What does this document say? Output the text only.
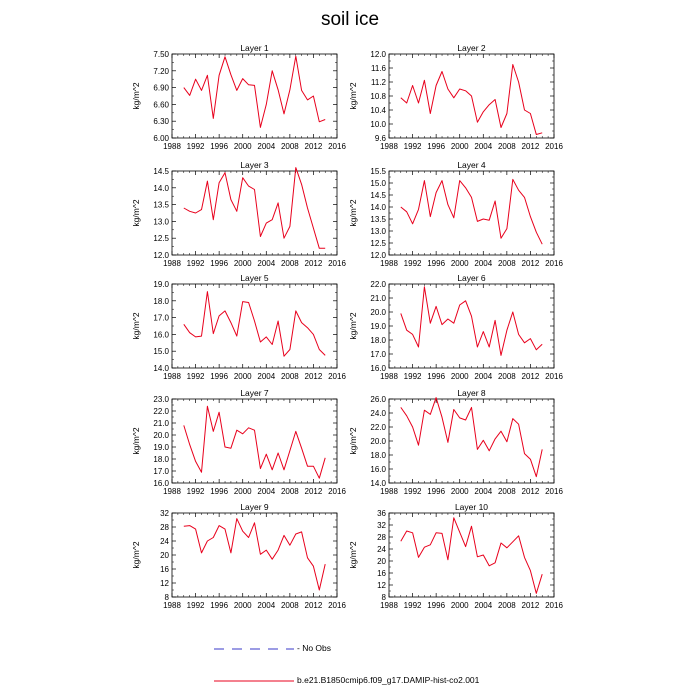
soil ice
Layer 1
kg/m^2
1988 1992 1996 2000 2004 2008 2012 2016
6.00
6.30
6.60
6.90
7.20
7.50
Layer 2
kg/m^2
1988 1992 1996 2000 2004 2008 2012 2016
9.6
10.0
10.4
10.8
11.2
11.6
12.0
Layer 3
kg/m^2
1988 1992 1996 2000 2004 2008 2012 2016
12.0
12.5
13.0
13.5
14.0
14.5
Layer 4
kg/m^2
1988 1992 1996 2000 2004 2008 2012 2016
12.0
12.5
13.0
13.5
14.0
14.5
15.0
15.5
Layer 5
kg/m^2
1988 1992 1996 2000 2004 2008 2012 2016
14.0
15.0
16.0
17.0
18.0
19.0
Layer 6
kg/m^2
1988 1992 1996 2000 2004 2008 2012 2016
16.0
17.0
18.0
19.0
20.0
21.0
22.0
Layer 7
kg/m^2
1988 1992 1996 2000 2004 2008 2012 2016
16.0
17.0
18.0
19.0
20.0
21.0
22.0
23.0
Layer 8
kg/m^2
1988 1992 1996 2000 2004 2008 2012 2016
14.0
16.0
18.0
20.0
22.0
24.0
26.0
Layer 9
kg/m^2
1988 1992 1996 2000 2004 2008 2012 2016
8
12
16
20
24
28
32
Layer 10
kg/m^2
1988 1992 1996 2000 2004 2008 2012 2016
8
12
16
20
24
28
32
36
- No Obs
b.e21.B1850cmip6.f09_g17.DAMIP-hist-co2.001
